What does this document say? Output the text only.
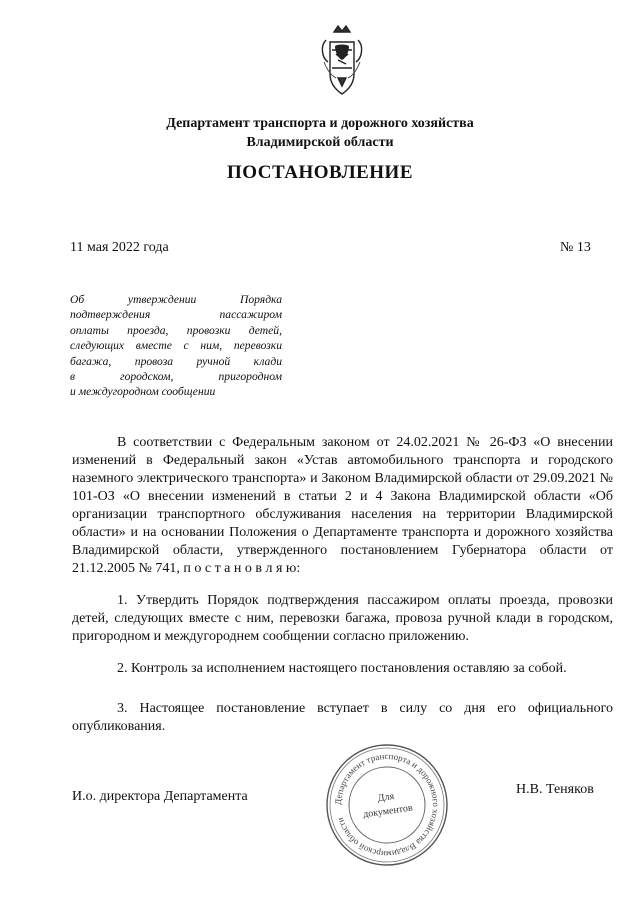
Департамент транспорта и дорожного хозяйства
Владимирской области
ПОСТАНОВЛЕНИЕ
11 мая 2022 года	№ 13
Об утверждении Порядка
подтверждения пассажиром
оплаты проезда, провозки детей,
следующих вместе с ним, перевозки
багажа, провоза ручной клади
в городском, пригородном
и междугородном сообщении

В соответствии с Федеральным законом от 24.02.2021 № 26-ФЗ «О внесении изменений в Федеральный закон «Устав автомобильного транспорта и городского наземного электрического транспорта» и Законом Владимирской области от 29.09.2021 № 101-ОЗ «О внесении изменений в статьи 2 и 4 Закона Владимирской области «Об организации транспортного обслуживания населения на территории Владимирской области» и на основании Положения о Департаменте транспорта и дорожного хозяйства Владимирской области, утвержденного постановлением Губернатора области от 21.12.2005 № 741, п о с т а н о в л я ю:

1. Утвердить Порядок подтверждения пассажиром оплаты проезда, провозки детей, следующих вместе с ним, перевозки багажа, провоза ручной клади в городском, пригородном и междугороднем сообщении согласно приложению.

2. Контроль за исполнением настоящего постановления оставляю за собой.

3. Настоящее постановление вступает в силу со дня его официального опубликования.

И.о. директора Департамента	Н.В. Теняков
Департамент транспорта и дорожного хозяйства Владимирской области
Для
документов
